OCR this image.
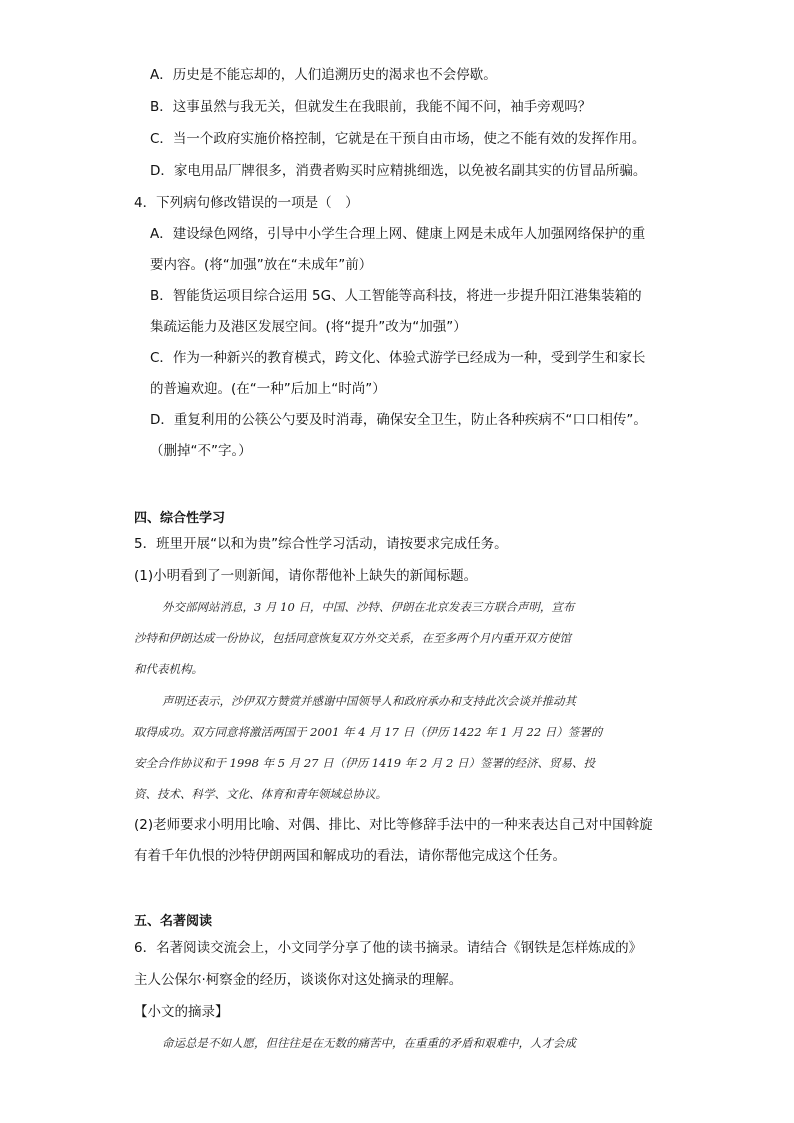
A．历史是不能忘却的，人们追溯历史的渴求也不会停歇。
B．这事虽然与我无关，但就发生在我眼前，我能不闻不问，袖手旁观吗？
C．当一个政府实施价格控制，它就是在干预自由市场，使之不能有效的发挥作用。
D．家电用品厂牌很多，消费者购买时应精挑细选，以免被名副其实的仿冒品所骗。
4．下列病句修改错误的一项是（　）
A．建设绿色网络，引导中小学生合理上网、健康上网是未成年人加强网络保护的重
要内容。(将“加强”放在“未成年”前）
B．智能货运项目综合运用 5G、人工智能等高科技，将进一步提升阳江港集装箱的
集疏运能力及港区发展空间。(将“提升”改为“加强”）
C．作为一种新兴的教育模式，跨文化、体验式游学已经成为一种，受到学生和家长
的普遍欢迎。(在“一种”后加上“时尚”）
D．重复利用的公筷公勺要及时消毒，确保安全卫生，防止各种疾病不“口口相传”。
（删掉“不”字。）
四、综合性学习
5．班里开展“以和为贵”综合性学习活动，请按要求完成任务。
(1)小明看到了一则新闻，请你帮他补上缺失的新闻标题。
外交部网站消息，3 月 10 日，中国、沙特、伊朗在北京发表三方联合声明，宣布
沙特和伊朗达成一份协议，包括同意恢复双方外交关系，在至多两个月内重开双方使馆
和代表机构。
声明还表示，沙伊双方赞赏并感谢中国领导人和政府承办和支持此次会谈并推动其
取得成功。双方同意将激活两国于 2001 年 4 月 17 日（伊历 1422 年 1 月 22 日）签署的
安全合作协议和于 1998 年 5 月 27 日（伊历 1419 年 2 月 2 日）签署的经济、贸易、投
资、技术、科学、文化、体育和青年领域总协议。
(2)老师要求小明用比喻、对偶、排比、对比等修辞手法中的一种来表达自己对中国斡旋
有着千年仇恨的沙特伊朗两国和解成功的看法，请你帮他完成这个任务。
五、名著阅读
6．名著阅读交流会上，小文同学分享了他的读书摘录。请结合《钢铁是怎样炼成的》
主人公保尔·柯察金的经历，谈谈你对这处摘录的理解。
【小文的摘录】
命运总是不如人愿，但往往是在无数的痛苦中，在重重的矛盾和艰难中，人才会成
